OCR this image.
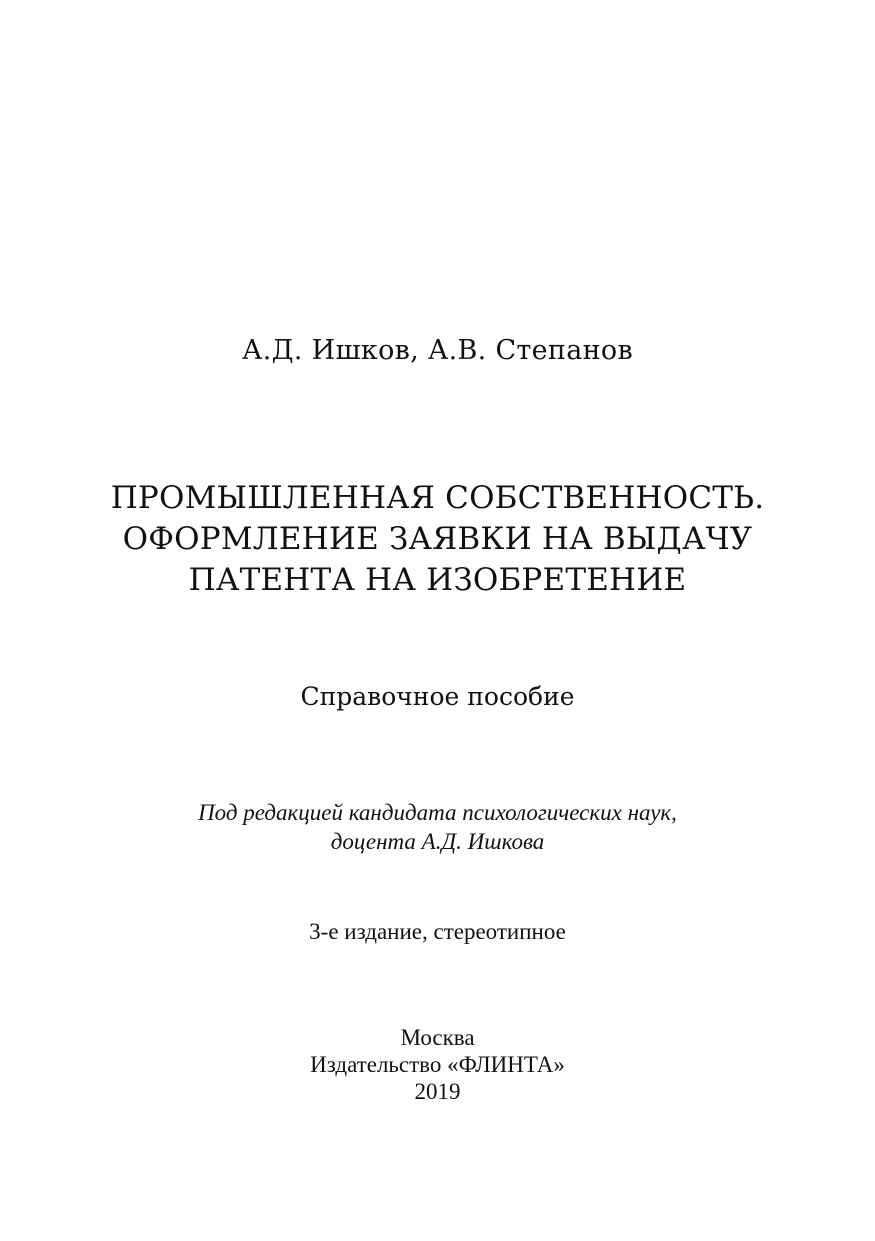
А.Д. Ишков, А.В. Степанов
ПРОМЫШЛЕННАЯ СОБСТВЕННОСТЬ.
ОФОРМЛЕНИЕ ЗАЯВКИ НА ВЫДАЧУ
ПАТЕНТА НА ИЗОБРЕТЕНИЕ
Справочное пособие
Под редакцией кандидата психологических наук,
доцента А.Д. Ишкова
3-е издание, стереотипное
Москва
Издательство «ФЛИНТА»
2019
